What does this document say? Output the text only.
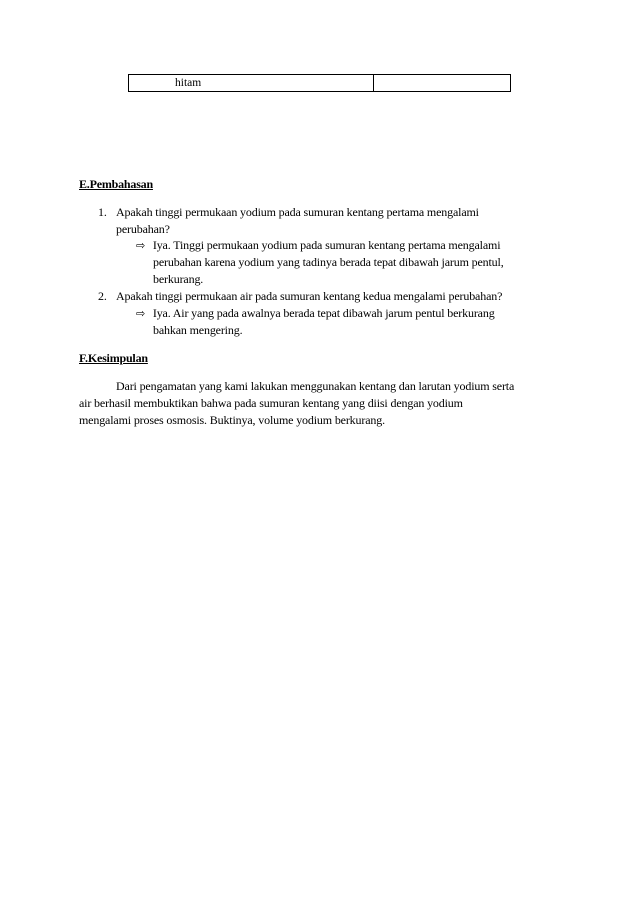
hitam	
E.Pembahasan
1. Apakah tinggi permukaan yodium pada sumuran kentang pertama mengalami
perubahan?
⇨ Iya. Tinggi permukaan yodium pada sumuran kentang pertama mengalami
perubahan karena yodium yang tadinya berada tepat dibawah jarum pentul,
berkurang.
2. Apakah tinggi permukaan air pada sumuran kentang kedua mengalami perubahan?
⇨ Iya. Air yang pada awalnya berada tepat dibawah jarum pentul berkurang
bahkan mengering.
F.Kesimpulan
Dari pengamatan yang kami lakukan menggunakan kentang dan larutan yodium serta
air berhasil membuktikan bahwa pada sumuran kentang yang diisi dengan yodium
mengalami proses osmosis. Buktinya, volume yodium berkurang.
